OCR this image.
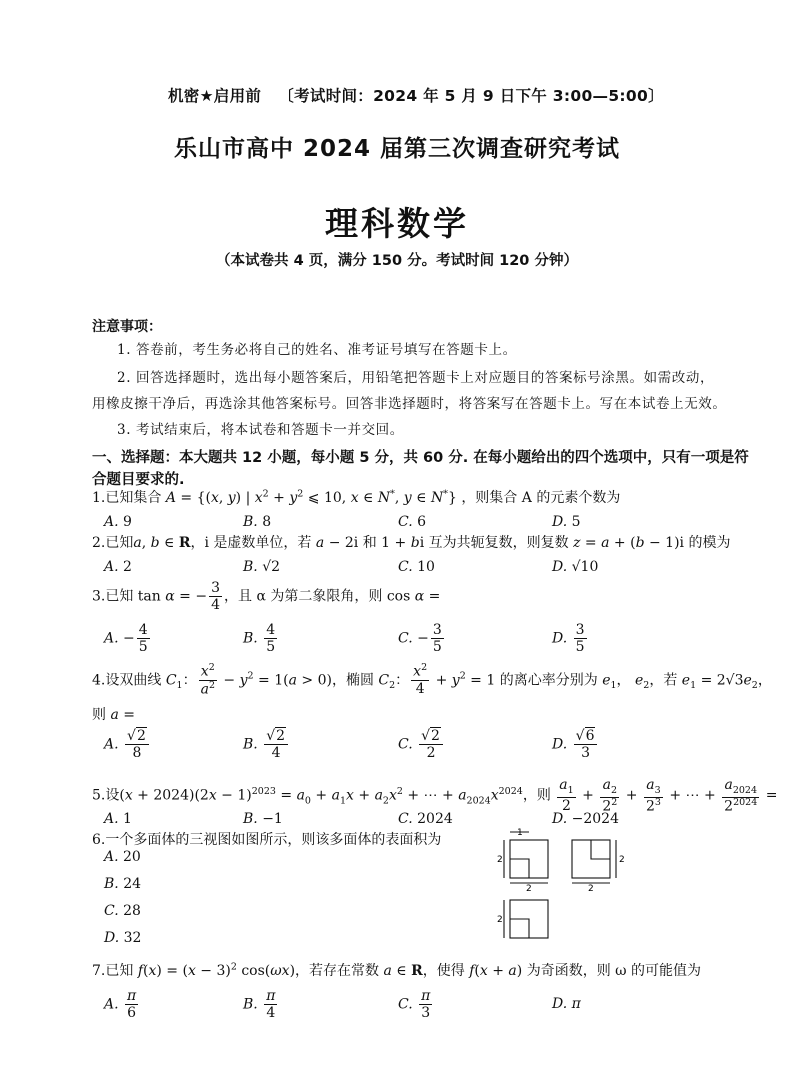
机密★启用前 〔考试时间：2024 年 5 月 9 日下午 3:00—5:00〕
乐山市高中 2024 届第三次调查研究考试
理科数学
（本试卷共 4 页，满分 150 分。考试时间 120 分钟）
注意事项：
1. 答卷前，考生务必将自己的姓名、准考证号填写在答题卡上。
2. 回答选择题时，选出每小题答案后，用铅笔把答题卡上对应题目的答案标号涂黑。如需改动，
用橡皮擦干净后，再选涂其他答案标号。回答非选择题时，将答案写在答题卡上。写在本试卷上无效。
3. 考试结束后，将本试卷和答题卡一并交回。
一、选择题：本大题共 12 小题，每小题 5 分，共 60 分. 在每小题给出的四个选项中，只有一项是符
合题目要求的.
1.已知集合 A = {(x, y) | $x^2 + y^2$ ⩽ 10, x ∈ N*, y ∈ N*} ，则集合 A 的元素个数为
A. 9	B. 8	C. 6	D. 5
2.已知a, b ∈ R，i 是虚数单位，若 a − 2i 和 1 + bi 互为共轭复数，则复数 z = a + (b − 1)i 的模为
A. 2	B. √2	C. 10	D. √10
3.已知 tan α = − $\frac{3}{4}$ ，且 α 为第二象限角，则 cos α =
A. − $\frac{4}{5}$	B. $\frac{4}{5}$	C. − $\frac{3}{5}$	D. $\frac{3}{5}$
4.设双曲线 $C_1$： $\frac{x^2}{a^2} - y^2 = 1(a > 0)$，椭圆 $C_2$： $\frac{x^2}{4} + y^2 = 1$ 的离心率分别为 $e_1$， $e_2$，若 $e_1 = 2√3e_2$，
则 a =
A. $\frac{√2}{8}$	B. $\frac{√2}{4}$	C. $\frac{√2}{2}$	D. $\frac{√6}{3}$
5.设$(x + 2024)(2x - 1)^{2023} = a_0 + a_1x + a_2x^2$ + ⋯ + $a_{2024}x^{2024}$，则 $\frac{a_1}{2} + \frac{a_2}{2^2} + \frac{a_3}{2^3}$ + ⋯ + $\frac{a_{2024}}{2^{2024}}$ =
A. 1	B. −1	C. 2024	D. −2024
6.一个多面体的三视图如图所示，则该多面体的表面积为
A. 20
B. 24
C. 28
D. 32
1
2	2
2
2
2
7.已知 $f(x) = (x - 3)^2$ cos(ωx)，若存在常数 a ∈ R，使得 f(x + a) 为奇函数，则 ω 的可能值为
A. $\frac{\pi}{6}$	B. $\frac{\pi}{4}$	C. $\frac{\pi}{3}$	D. π
